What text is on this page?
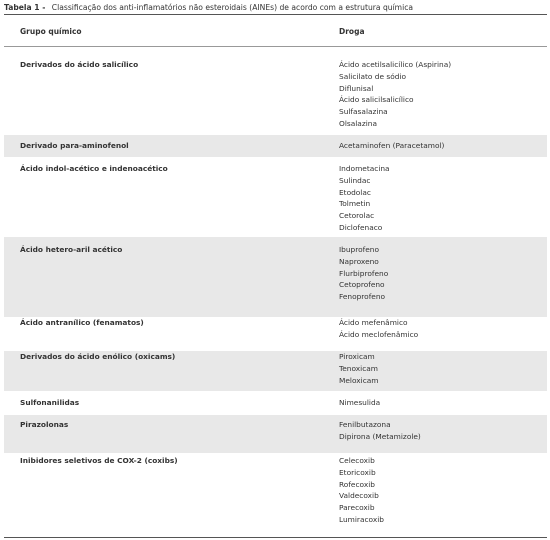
Tabela 1 - Classificação dos anti-inflamatórios não esteroidais (AINEs) de acordo com a estrutura química
Grupo químico	Droga
Derivados do ácido salicílico	Ácido acetilsalicílico (Aspirina)
Salicilato de sódio
Diflunisal
Ácido salicilsalicílico
Sulfasalazina
Olsalazina
Derivado para-aminofenol	Acetaminofen (Paracetamol)
Ácido indol-acético e indenoacético	Indometacina
Sulindac
Etodolac
Tolmetin
Cetorolac
Diclofenaco
Ácido hetero-aril acético	Ibuprofeno
Naproxeno
Flurbiprofeno
Cetoprofeno
Fenoprofeno
Ácido antranílico (fenamatos)	Ácido mefenâmico
Ácido meclofenâmico
Derivados do ácido enólico (oxicams)	Piroxicam
Tenoxicam
Meloxicam
Sulfonanilidas	Nimesulida
Pirazolonas	Fenilbutazona
Dipirona (Metamizole)
Inibidores seletivos de COX-2 (coxibs)	Celecoxib
Etoricoxib
Rofecoxib
Valdecoxib
Parecoxib
Lumiracoxib
